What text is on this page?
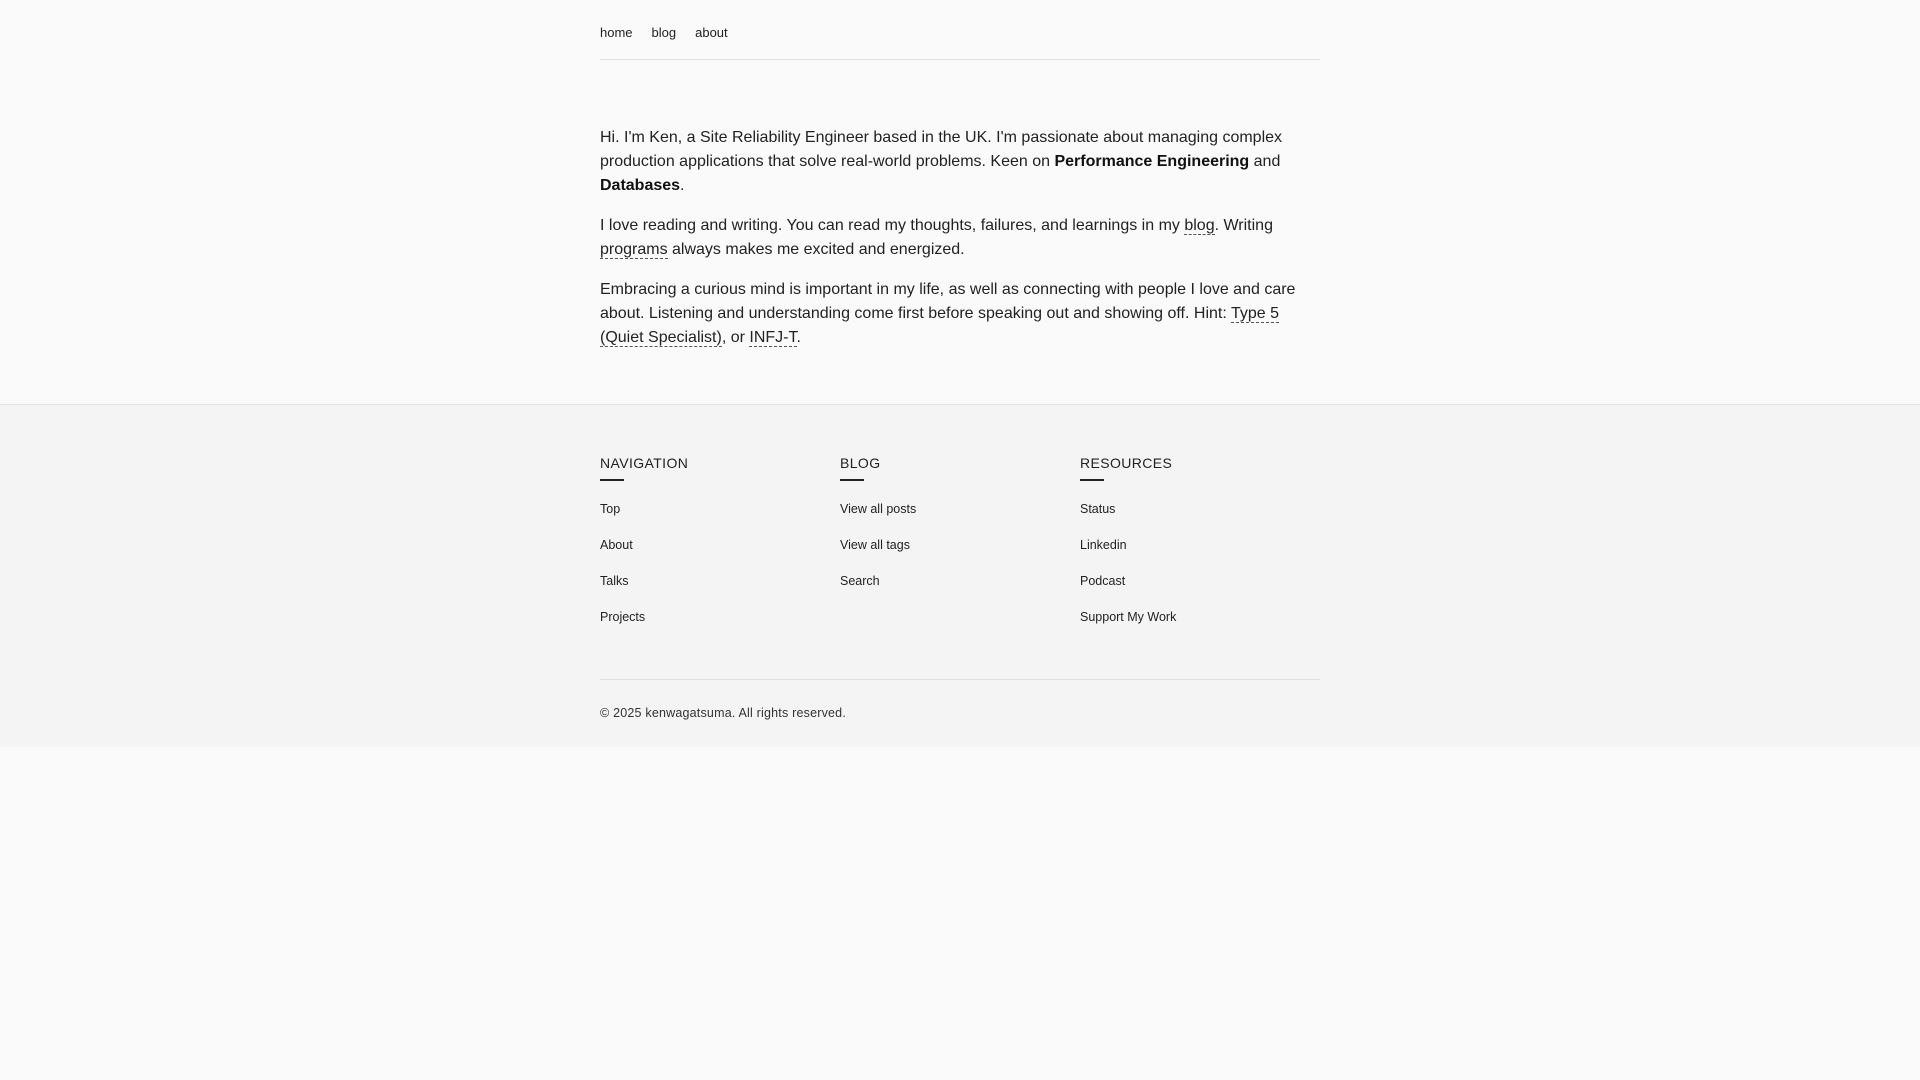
home blog about

Hi. I'm Ken, a Site Reliability Engineer based in the UK. I'm passionate about managing complex production applications that solve real-world problems. Keen on Performance Engineering and Databases.

I love reading and writing. You can read my thoughts, failures, and learnings in my blog. Writing programs always makes me excited and energized.

Embracing a curious mind is important in my life, as well as connecting with people I love and care about. Listening and understanding come first before speaking out and showing off. Hint: Type 5 (Quiet Specialist), or INFJ-T.

NAVIGATION
Top
About
Talks
Projects
BLOG
View all posts
View all tags
Search
RESOURCES
Status
Linkedin
Podcast
Support My Work
© 2025 kenwagatsuma. All rights reserved.
